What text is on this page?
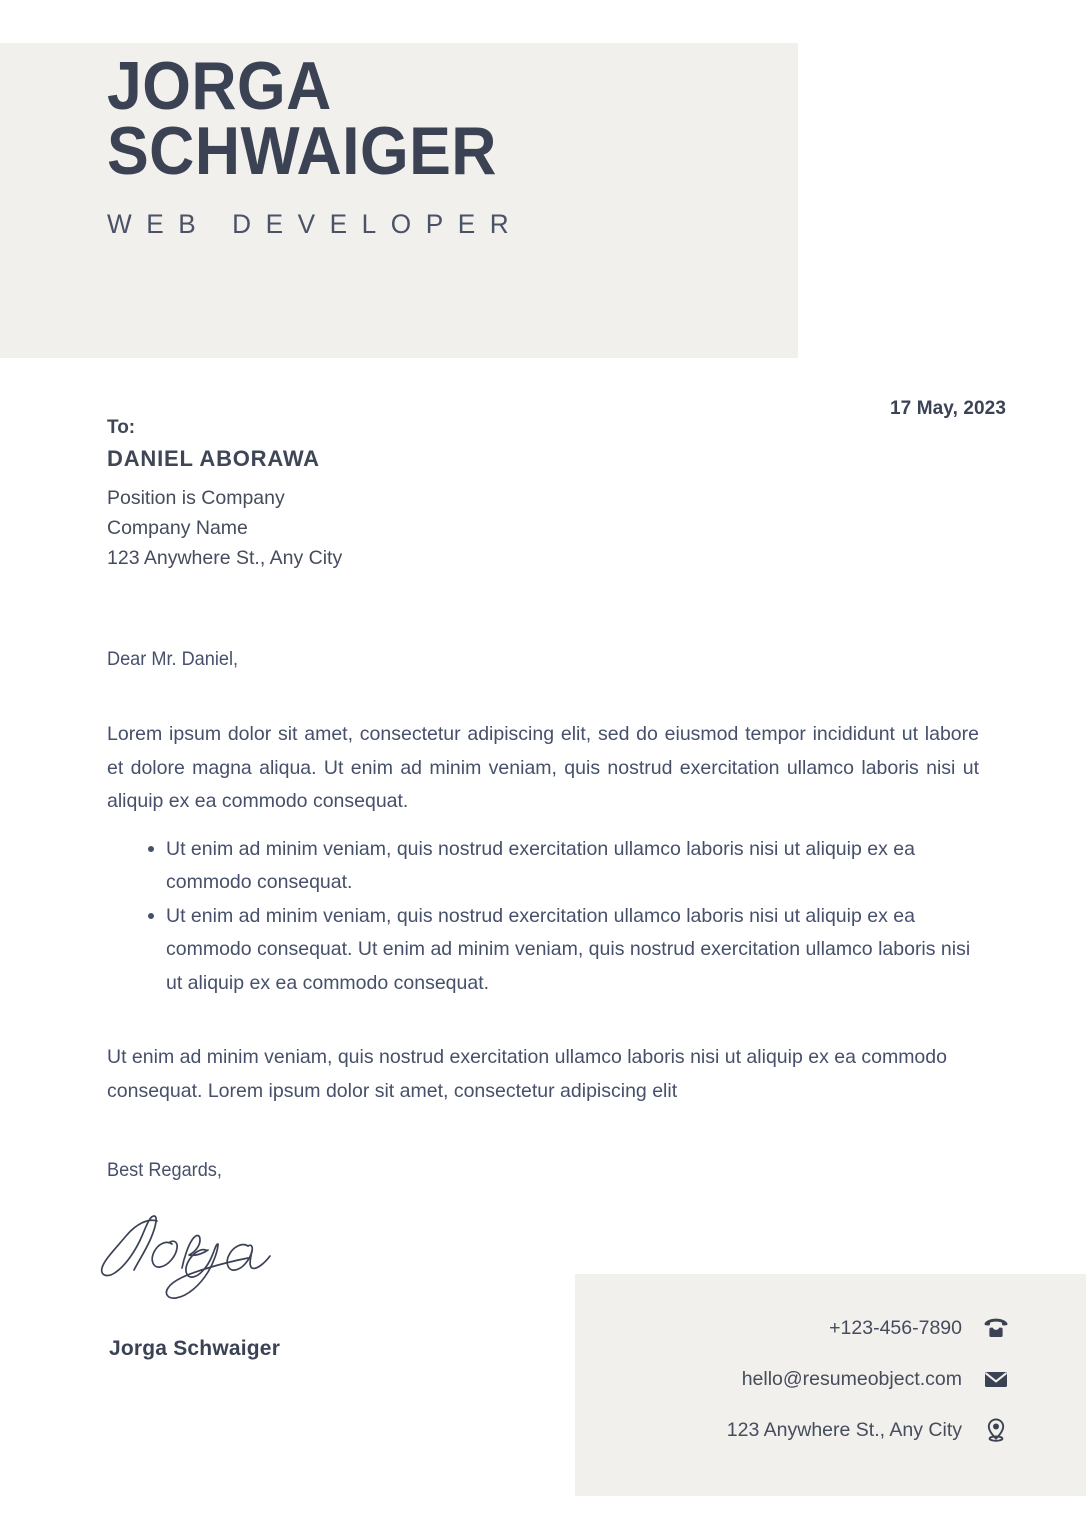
JORGA

SCHWAIGER

WEB DEVELOPER

17 May, 2023

To:

DANIEL ABORAWA

Position is Company

Company Name

123 Anywhere St., Any City

Dear Mr. Daniel,

Lorem ipsum dolor sit amet, consectetur adipiscing elit, sed do eiusmod tempor incididunt ut labore et dolore magna aliqua. Ut enim ad minim veniam, quis nostrud exercitation ullamco laboris nisi ut aliquip ex ea commodo consequat.

Ut enim ad minim veniam, quis nostrud exercitation ullamco laboris nisi ut aliquip ex ea commodo consequat.
Ut enim ad minim veniam, quis nostrud exercitation ullamco laboris nisi ut aliquip ex ea commodo consequat. Ut enim ad minim veniam, quis nostrud exercitation ullamco laboris nisi ut aliquip ex ea commodo consequat.

Ut enim ad minim veniam, quis nostrud exercitation ullamco laboris nisi ut aliquip ex ea commodo consequat. Lorem ipsum dolor sit amet, consectetur adipiscing elit

Best Regards,

Jorga Schwaiger
+123-456-7890
hello@resumeobject.com
123 Anywhere St., Any City
